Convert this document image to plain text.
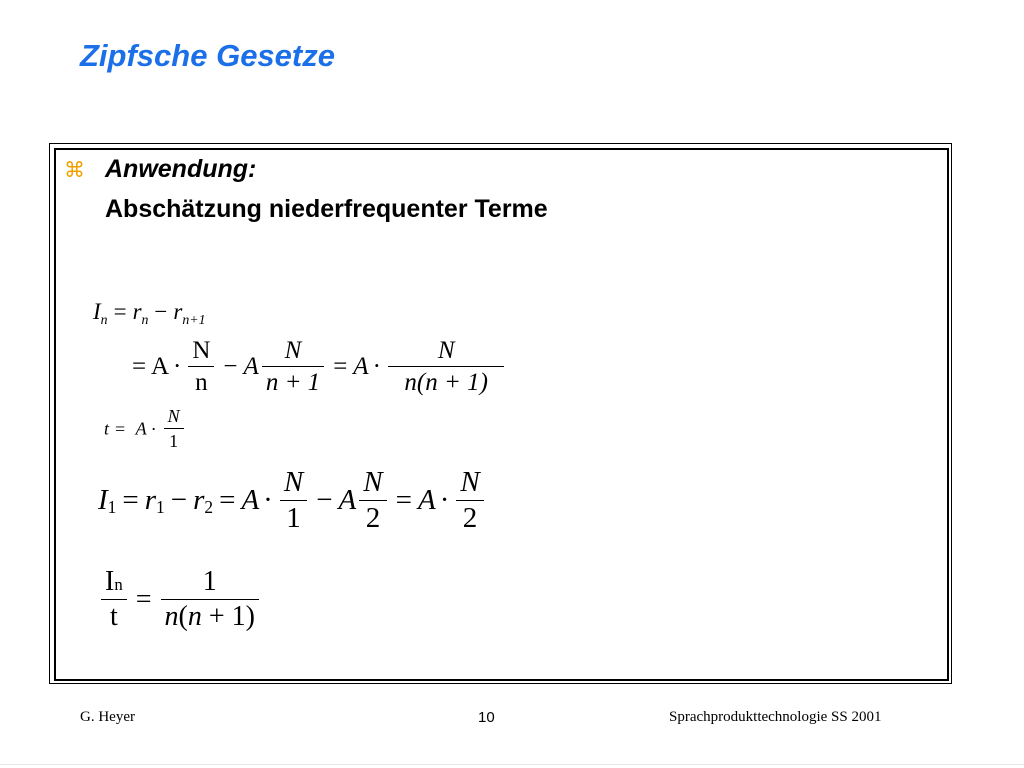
Zipfsche Gesetze
⌘ Anwendung:
Abschätzung niederfrequenter Terme
$I_n = r_n - r_{n+1}$
= $A \cdot \frac{N}{n} - A \frac{N}{n + 1} = A \cdot \frac{N}{n(n + 1)}$
$t = A \cdot \frac{N}{1}$
$I_1 = r_1 - r_2 = A \cdot \frac{N}{1} - A \frac{N}{2} = A \cdot \frac{N}{2}$
$\frac{In}{t} = \frac{1}{n(n + 1)}$
G. Heyer	10	Sprachprodukttechnologie SS 2001
